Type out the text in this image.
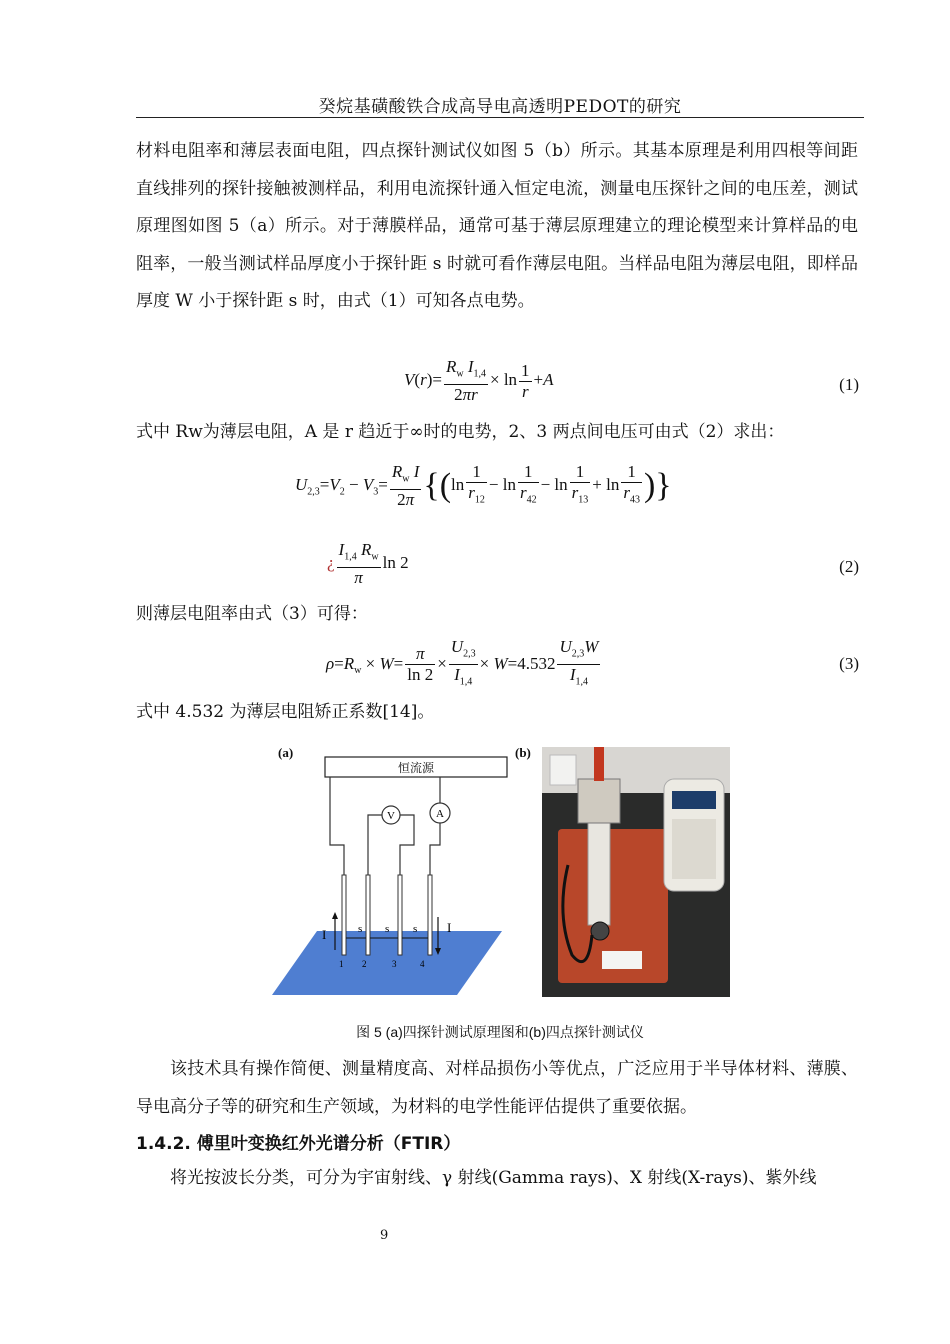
癸烷基磺酸铁合成高导电高透明PEDOT的研究

材料电阻率和薄层表面电阻，四点探针测试仪如图 5（b）所示。其基本原理是利用四根等间距直线排列的探针接触被测样品，利用电流探针通入恒定电流，测量电压探针之间的电压差，测试原理图如图 5（a）所示。对于薄膜样品，通常可基于薄层原理建立的理论模型来计算样品的电阻率，一般当测试样品厚度小于探针距 s 时就可看作薄层电阻。当样品电阻为薄层电阻，即样品厚度 W 小于探针距 s 时，由式（1）可知各点电势。

$V(r)= \frac{R_w I_{1,4}}{2\pi r} \times \ln \frac{1}{r} +A$	(1)

式中 Rw为薄层电阻，A 是 r 趋近于∞时的电势，2、3 两点间电压可由式（2）求出：

$U_{2,3}=V_2 - V_3= \frac{R_w I}{2\pi} \{(\ln \frac{1}{r_{12}} - \ln \frac{1}{r_{42}} - \ln \frac{1}{r_{13}} + \ln \frac{1}{r_{43}}$ )}
¿ $\frac{I_{1,4} R_w}{\pi}$ ln 2	(2)

则薄层电阻率由式（3）可得：

$\rho=R_w \times W= \frac{\pi}{\ln 2} \times \frac{U_{2,3}}{I_{1,4}} \times W=4.532 \frac{U_{2,3}W}{I_{1,4}}$	(3)

式中 4.532 为薄层电阻矫正系数[14]。

(a)
恒流源
V	A
I	I
s s s
1 2	3	4
(b)
图 5 (a)四探针测试原理图和(b)四点探针测试仪

该技术具有操作简便、测量精度高、对样品损伤小等优点，广泛应用于半导体材料、薄膜、导电高分子等的研究和生产领域，为材料的电学性能评估提供了重要依据。

1.4.2. 傅里叶变换红外光谱分析（FTIR）

将光按波长分类，可分为宇宙射线、γ 射线(Gamma rays)、X 射线(X-rays)、紫外线

9
